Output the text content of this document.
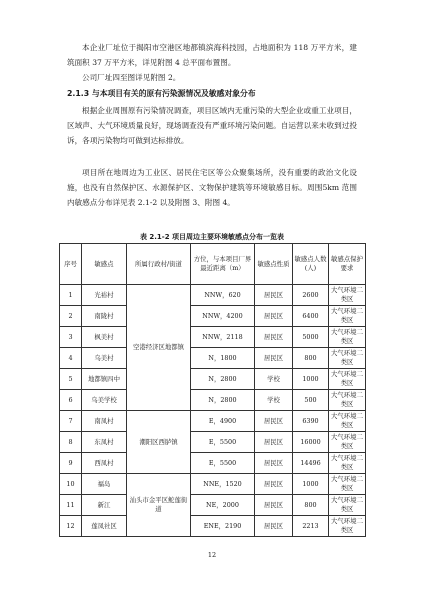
本企业厂址位于揭阳市空港区地都镇滨海科技园，占地面积为 118 万平方米，建筑面积 37 万平方米，详见附图 4 总平面布置图。
公司厂址四至图详见附图 2。
2.1.3 与本项目有关的原有污染源情况及敏感对象分布
根据企业周围原有污染情况调查，项目区域内无重污染的大型企业或重工业项目，区域声、大气环境质量良好，现场调查没有严重环境污染问题。自运营以来未收到过投诉，各项污染物均可做到达标排放。
项目所在地周边为工业区、居民住宅区等公众聚集场所，没有重要的政治文化设施，也没有自然保护区、水源保护区、文物保护建筑等环境敏感目标。周围5km 范围内敏感点分布详见表 2.1-2 以及附图 3、附图 4。
表 2.1-2 项目周边主要环境敏感点分布一览表
序号	敏感点	所属行政村/街道	方位，与本项目厂界最近距离（m）	敏感点性质	敏感点人数(人)	敏感点保护要求
1	光裕村	空港经济区地都镇	NNW，620	居民区	2600	大气环境二类区
2	南陇村		NNW，4200	居民区	6400	大气环境二类区
3	枫美村		NNW，2118	居民区	5000	大气环境二类区
4	乌美村		N，1800	居民区	800	大气环境二类区
5	地都镇四中		N，2800	学校	1000	大气环境二类区
6	乌美学校		N，2800	学校	500	大气环境二类区
7	南凤村	潮阳区西胪镇	E，4900	居民区	6390	大气环境二类区
8	东凤村		E，5500	居民区	16000	大气环境二类区
9	西凤村		E，5500	居民区	14496	大气环境二类区
10	福岛	汕头市金平区鮀莲街道	NNE，1520	居民区	1000	大气环境二类区
11	新江		NE，2000	居民区	800	大气环境二类区
12	莲凤社区		ENE，2190	居民区	2213	大气环境二类区
12
